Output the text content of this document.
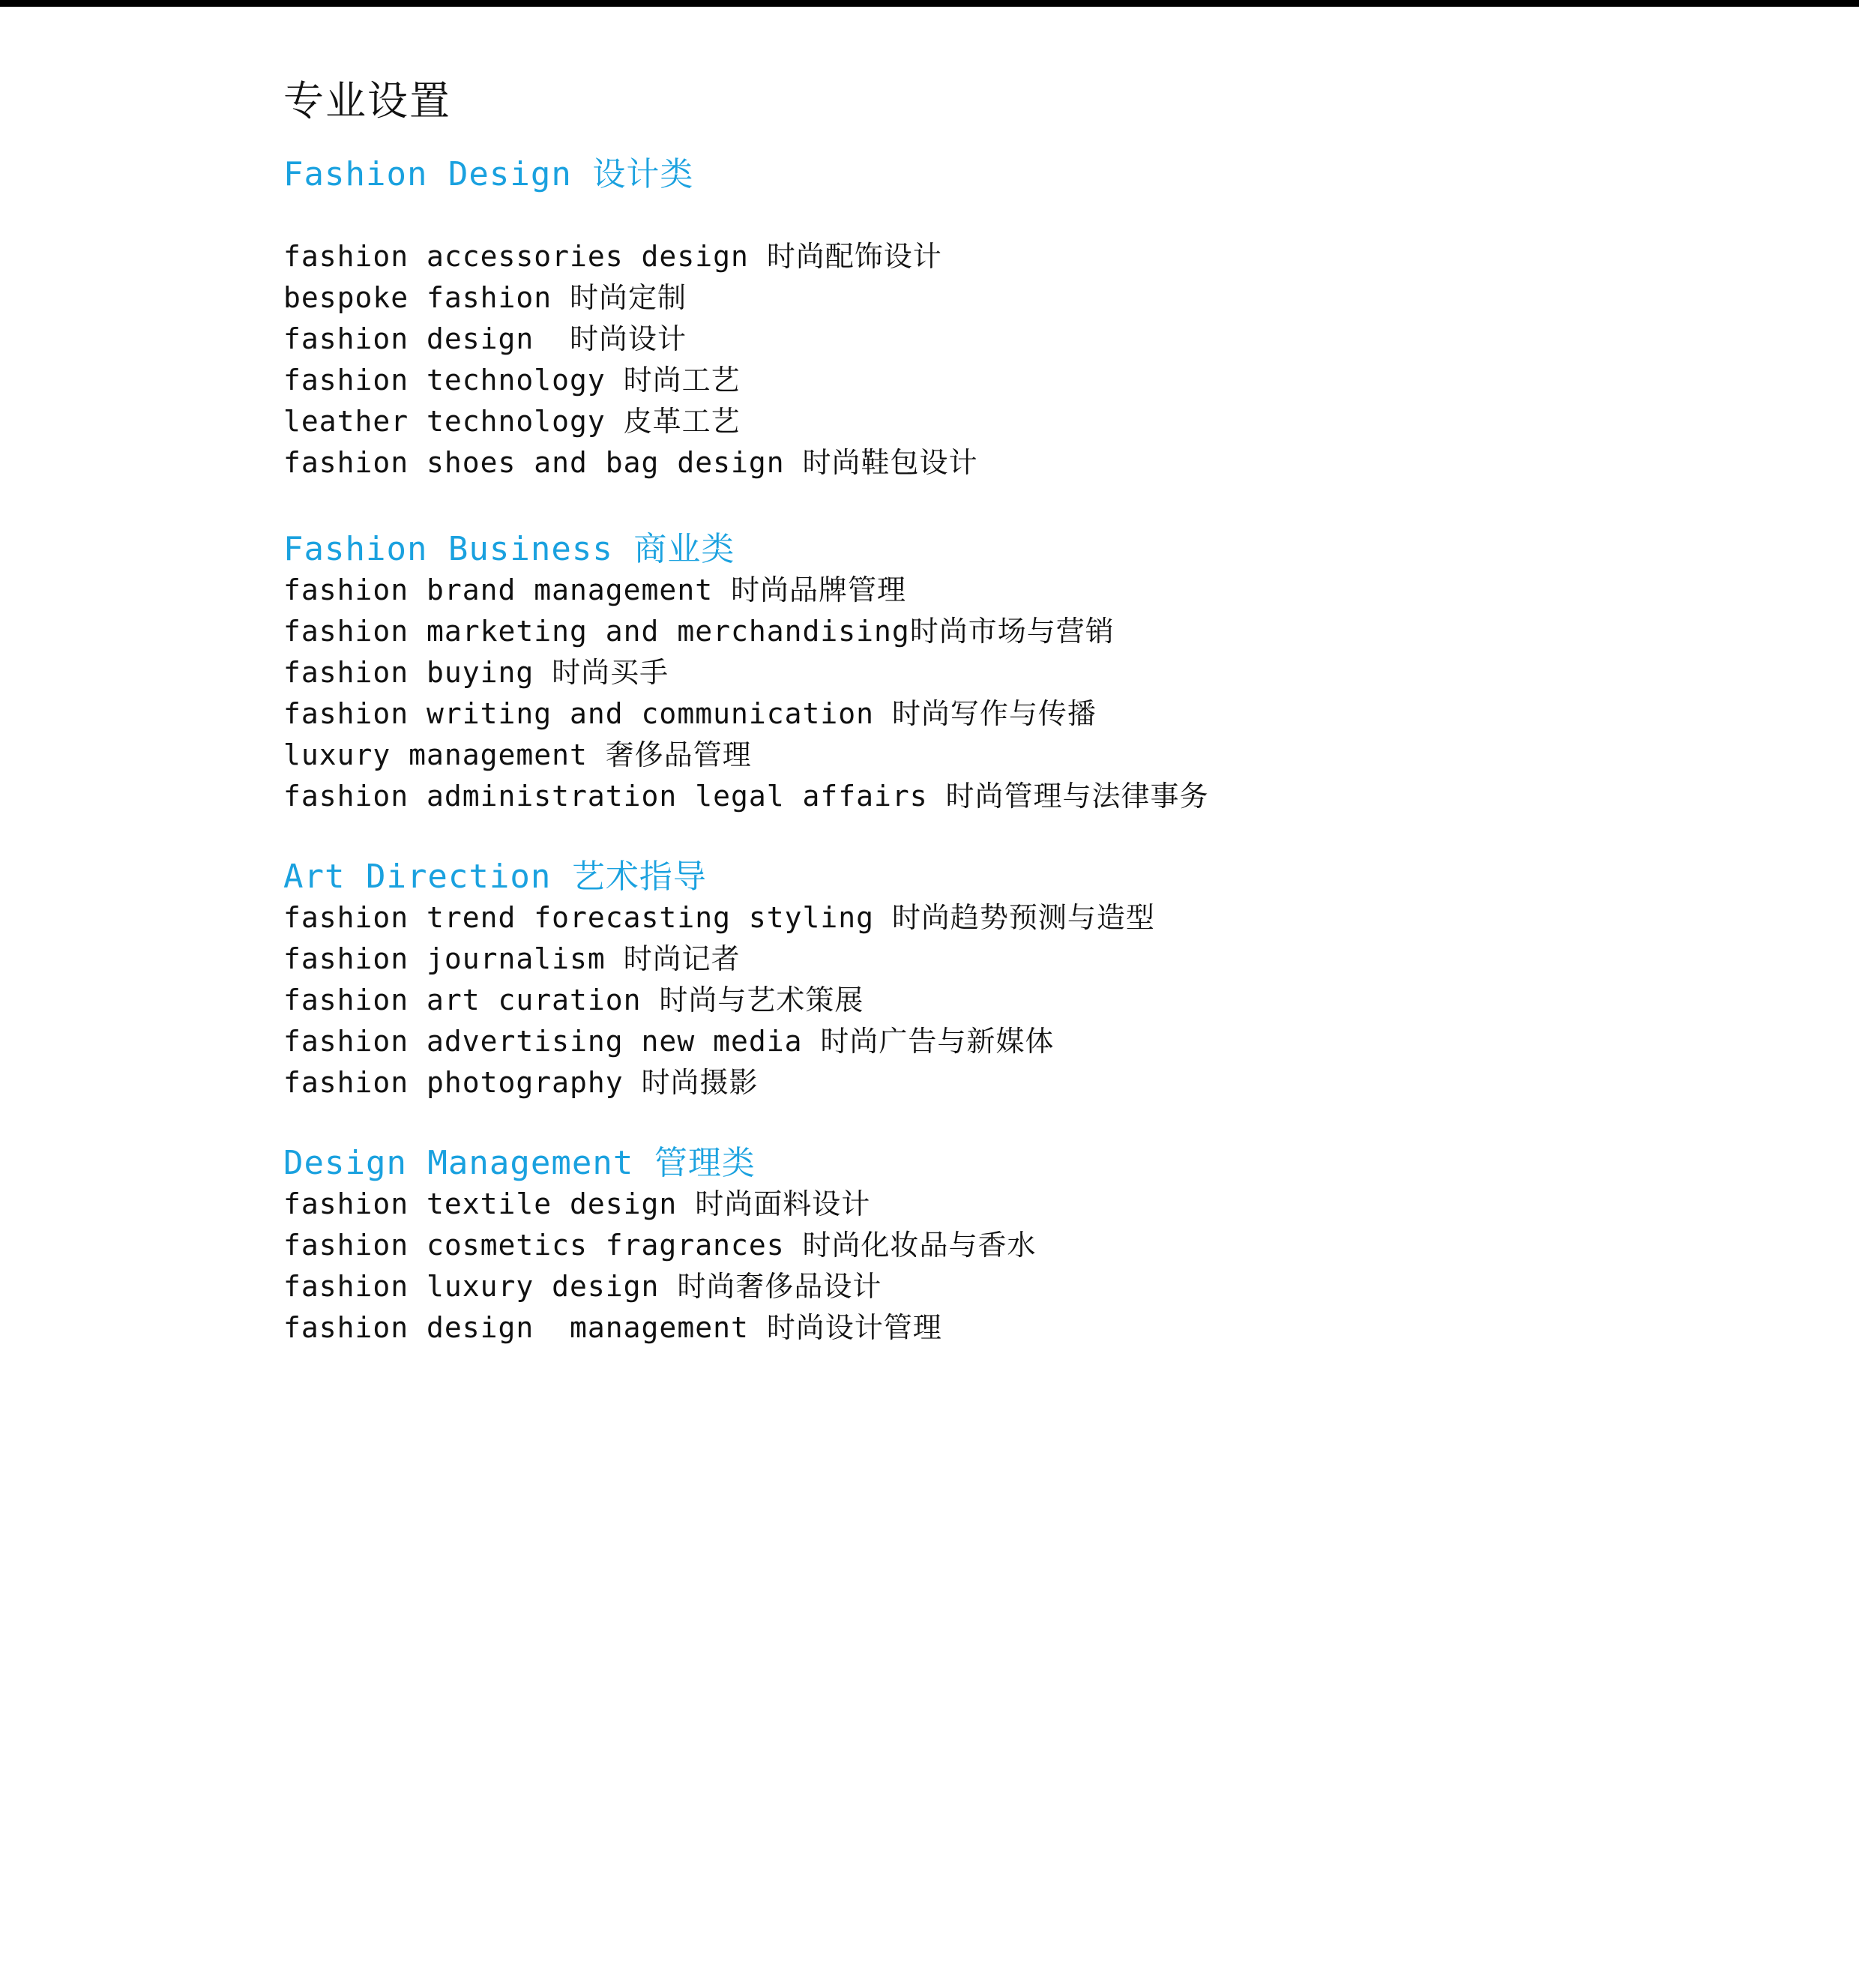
专业设置
Fashion Design 设计类
fashion accessories design 时尚配饰设计
bespoke fashion 时尚定制
fashion design  时尚设计
fashion technology 时尚工艺
leather technology 皮革工艺
fashion shoes and bag design 时尚鞋包设计
Fashion Business 商业类
fashion brand management 时尚品牌管理
fashion marketing and merchandising时尚市场与营销
fashion buying 时尚买手
fashion writing and communication 时尚写作与传播
luxury management 奢侈品管理
fashion administration legal affairs 时尚管理与法律事务
Art Direction 艺术指导
fashion trend forecasting styling 时尚趋势预测与造型
fashion journalism 时尚记者
fashion art curation 时尚与艺术策展
fashion advertising new media 时尚广告与新媒体
fashion photography 时尚摄影
Design Management 管理类
fashion textile design 时尚面料设计
fashion cosmetics fragrances 时尚化妆品与香水
fashion luxury design 时尚奢侈品设计
fashion design  management 时尚设计管理
